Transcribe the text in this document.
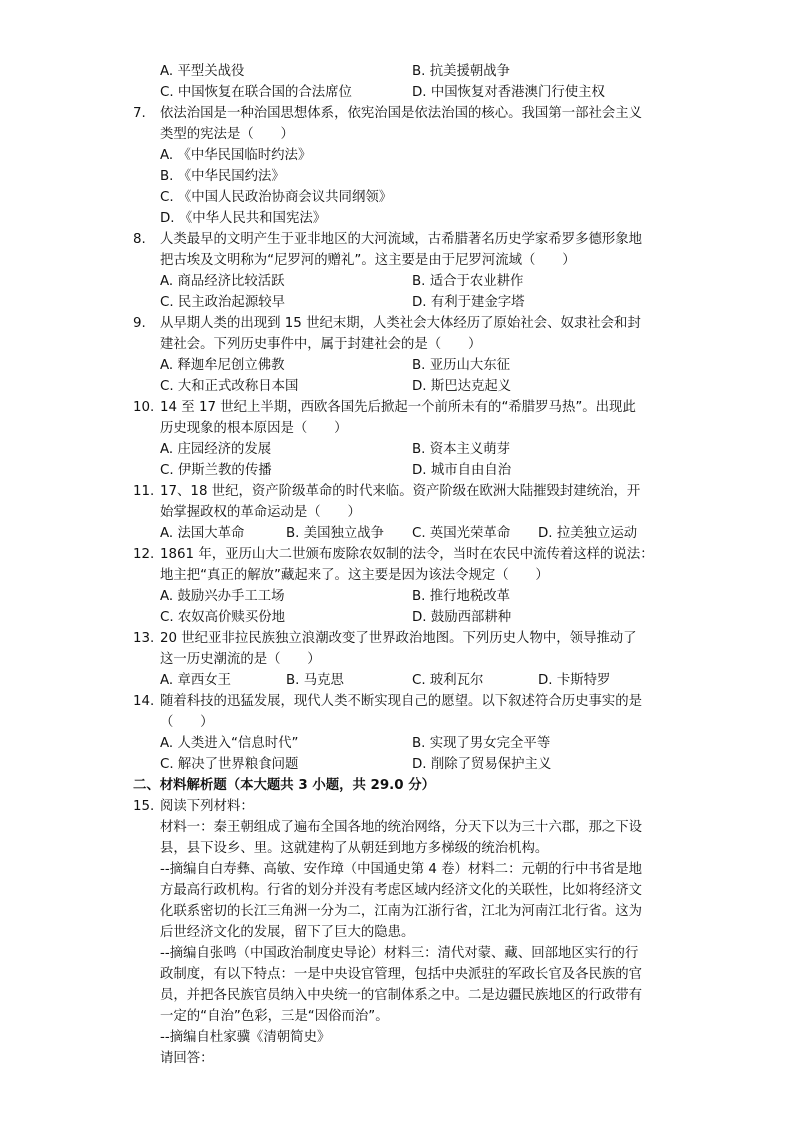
A. 平型关战役	B. 抗美援朝战争
C. 中国恢复在联合国的合法席位	D. 中国恢复对香港澳门行使主权
7. 依法治国是一种治国思想体系，依宪治国是依法治国的核心。我国第一部社会主义
类型的宪法是（　　）
A. 《中华民国临时约法》
B. 《中华民国约法》
C. 《中国人民政治协商会议共同纲领》
D. 《中华人民共和国宪法》
8. 人类最早的文明产生于亚非地区的大河流域，古希腊著名历史学家希罗多德形象地
把古埃及文明称为“尼罗河的赠礼”。这主要是由于尼罗河流域（　　）
A. 商品经济比较活跃	B. 适合于农业耕作
C. 民主政治起源较早	D. 有利于建金字塔
9. 从早期人类的出现到 15 世纪末期，人类社会大体经历了原始社会、奴隶社会和封
建社会。下列历史事件中，属于封建社会的是（　　）
A. 释迦牟尼创立佛教	B. 亚历山大东征
C. 大和正式改称日本国	D. 斯巴达克起义
10. 14 至 17 世纪上半期，西欧各国先后掀起一个前所未有的“希腊罗马热”。出现此
历史现象的根本原因是（　　）
A. 庄园经济的发展	B. 资本主义萌芽
C. 伊斯兰教的传播	D. 城市自由自治
11. 17、18 世纪，资产阶级革命的时代来临。资产阶级在欧洲大陆摧毁封建统治，开
始掌握政权的革命运动是（　　）
A. 法国大革命	B. 美国独立战争 C. 英国光荣革命 D. 拉美独立运动
12. 1861 年，亚历山大二世颁布废除农奴制的法令，当时在农民中流传着这样的说法：
地主把“真正的解放”藏起来了。这主要是因为该法令规定（　　）
A. 鼓励兴办手工工场	B. 推行地税改革
C. 农奴高价赎买份地	D. 鼓励西部耕种
13. 20 世纪亚非拉民族独立浪潮改变了世界政治地图。下列历史人物中，领导推动了
这一历史潮流的是（　　）
A. 章西女王	B. 马克思	C. 玻利瓦尔	D. 卡斯特罗
14. 随着科技的迅猛发展，现代人类不断实现自己的愿望。以下叙述符合历史事实的是
（　　）
A. 人类进入“信息时代”	B. 实现了男女完全平等
C. 解决了世界粮食问题	D. 削除了贸易保护主义
二、材料解析题（本大题共 3 小题，共 29.0 分）
15. 阅读下列材料：
材料一：秦王朝组成了遍布全国各地的统治网络，分天下以为三十六郡，那之下设
县，县下设乡、里。这就建构了从朝廷到地方多梯级的统治机构。
--摘编自白寿彝、高敏、安作璋（中国通史第 4 卷）材料二：元朝的行中书省是地
方最高行政机构。行省的划分并没有考虑区域内经济文化的关联性，比如将经济文
化联系密切的长江三角洲一分为二，江南为江浙行省，江北为河南江北行省。这为
后世经济文化的发展，留下了巨大的隐患。
--摘编自张鸣（中国政治制度史导论）材料三：清代对蒙、藏、回部地区实行的行
政制度，有以下特点：一是中央设官管理，包括中央派驻的军政长官及各民族的官
员，并把各民族官员纳入中央统一的官制体系之中。二是边疆民族地区的行政带有
一定的“自治”色彩，三是“因俗而治”。
--摘编自杜家骥《清朝简史》
请回答：
